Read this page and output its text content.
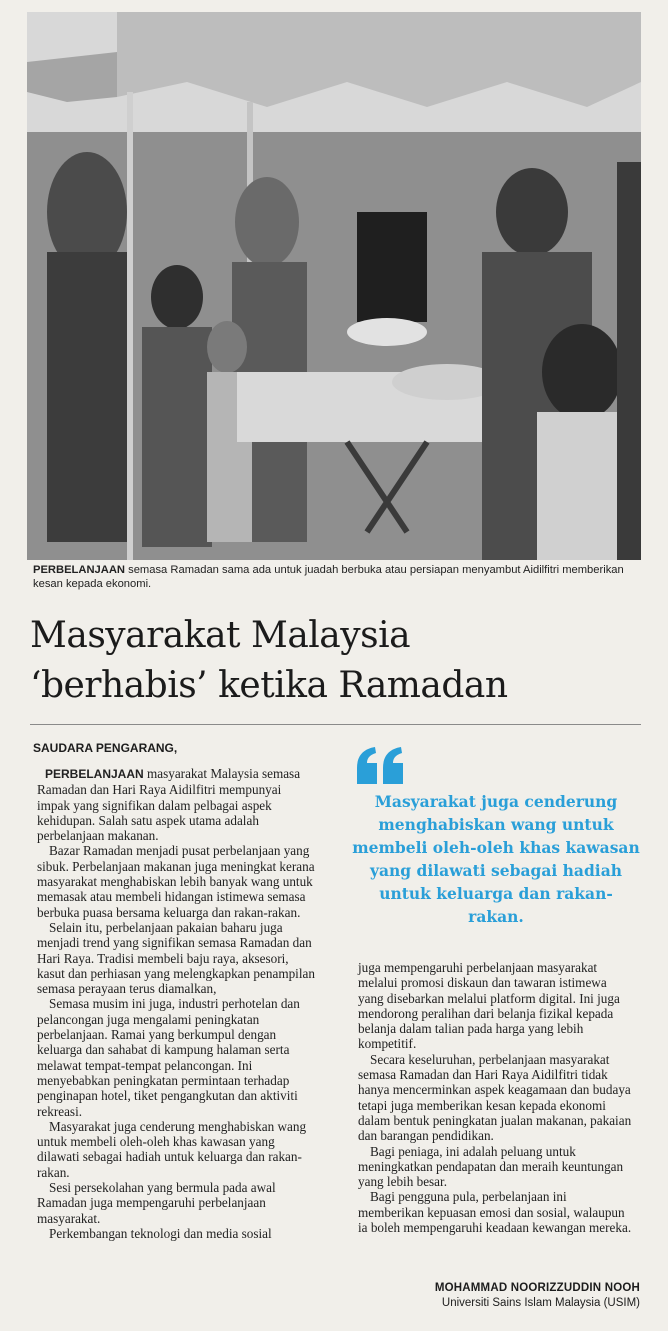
PERBELANJAAN semasa Ramadan sama ada untuk juadah berbuka atau persiapan menyambut Aidilfitri memberikan kesan kepada ekonomi.
Masyarakat Malaysia
‘berhabis’ ketika Ramadan
SAUDARA PENGARANG,

PERBELANJAAN masyarakat Malaysia semasa Ramadan dan Hari Raya Aidilfitri mempunyai impak yang signifikan dalam pelbagai aspek kehidupan. Salah satu aspek utama adalah perbelanjaan makanan.

Bazar Ramadan menjadi pusat perbelanjaan yang sibuk. Perbelanjaan makanan juga meningkat kerana masyarakat menghabiskan lebih banyak wang untuk memasak atau membeli hidangan istimewa semasa berbuka puasa bersama keluarga dan rakan-rakan.

Selain itu, perbelanjaan pakaian baharu juga menjadi trend yang signifikan semasa Ramadan dan Hari Raya. Tradisi membeli baju raya, aksesori, kasut dan perhiasan yang melengkapkan penampilan semasa perayaan terus diamalkan,

Semasa musim ini juga, industri perhotelan dan pelancongan juga mengalami peningkatan perbelanjaan. Ramai yang berkumpul dengan keluarga dan sahabat di kampung halaman serta melawat tempat-tempat pelancongan. Ini menyebabkan peningkatan permintaan terhadap penginapan hotel, tiket pengangkutan dan aktiviti rekreasi.

Masyarakat juga cenderung menghabiskan wang untuk membeli oleh-oleh khas kawasan yang dilawati sebagai hadiah untuk keluarga dan rakan-rakan.

Sesi persekolahan yang bermula pada awal Ramadan juga mempengaruhi perbelanjaan masyarakat.

Perkembangan teknologi dan media sosial

Masyarakat juga cenderung menghabiskan wang untuk membeli oleh-oleh khas kawasan yang dilawati sebagai hadiah untuk keluarga dan rakan-rakan.

juga mempengaruhi perbelanjaan masyarakat melalui promosi diskaun dan tawaran istimewa yang disebarkan melalui platform digital. Ini juga mendorong peralihan dari belanja fizikal kepada belanja dalam talian pada harga yang lebih kompetitif.

Secara keseluruhan, perbelanjaan masyarakat semasa Ramadan dan Hari Raya Aidilfitri tidak hanya mencerminkan aspek keagamaan dan budaya tetapi juga memberikan kesan kepada ekonomi dalam bentuk peningkatan jualan makanan, pakaian dan barangan pendidikan.

Bagi peniaga, ini adalah peluang untuk meningkatkan pendapatan dan meraih keuntungan yang lebih besar.

Bagi pengguna pula, perbelanjaan ini memberikan kepuasan emosi dan sosial, walaupun ia boleh mempengaruhi keadaan kewangan mereka.

MOHAMMAD NOORIZZUDDIN NOOH
Universiti Sains Islam Malaysia (USIM)
